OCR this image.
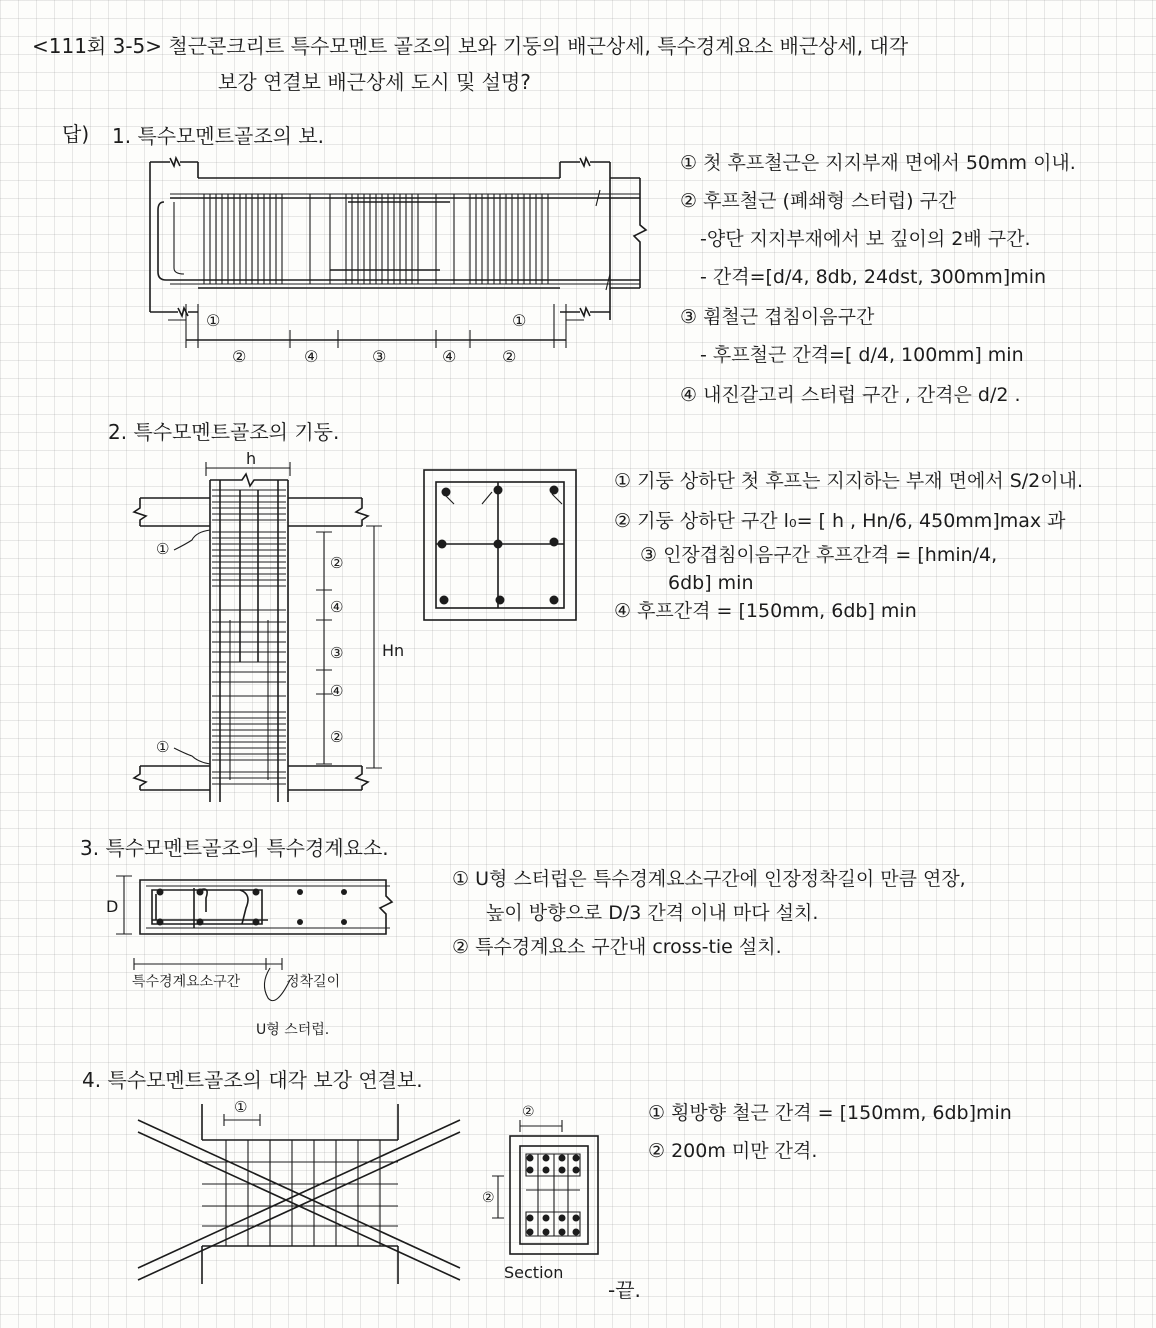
<111회 3-5> 철근콘크리트 특수모멘트 골조의 보와 기둥의 배근상세, 특수경계요소 배근상세, 대각
보강 연결보 배근상세 도시 및 설명?
답) 1. 특수모멘트골조의 보.
①	①
②	④	③	④	②
① 첫 후프철근은 지지부재 면에서 50mm 이내.
② 후프철근 (폐쇄형 스터럽) 구간
-양단 지지부재에서 보 깊이의 2배 구간.
- 간격=[d/4, 8db, 24dst, 300mm]min
③ 휨철근 겹침이음구간
- 후프철근 간격=[ d/4, 100mm] min
④ 내진갈고리 스터럽 구간 , 간격은 d/2 .
2. 특수모멘트골조의 기둥.
h
①
①
②
④
③
④
②
Hn
① 기둥 상하단 첫 후프는 지지하는 부재 면에서 S/2이내.
② 기둥 상하단 구간 l₀= [ h , Hn/6, 450mm]max 과
③ 인장겹침이음구간 후프간격 = [hmin/4,
6db] min
④ 후프간격 = [150mm, 6db] min
3. 특수모멘트골조의 특수경계요소.
D
정착길이
특수경계요소구간
U형 스터럽.
① U형 스터럽은 특수경계요소구간에 인장정착길이 만큼 연장,
높이 방향으로 D/3 간격 이내 마다 설치.
② 특수경계요소 구간내 cross-tie 설치.
4. 특수모멘트골조의 대각 보강 연결보.
①	②
②
Section
① 횡방향 철근 간격 = [150mm, 6db]min
② 200m 미만 간격.
-끝.
